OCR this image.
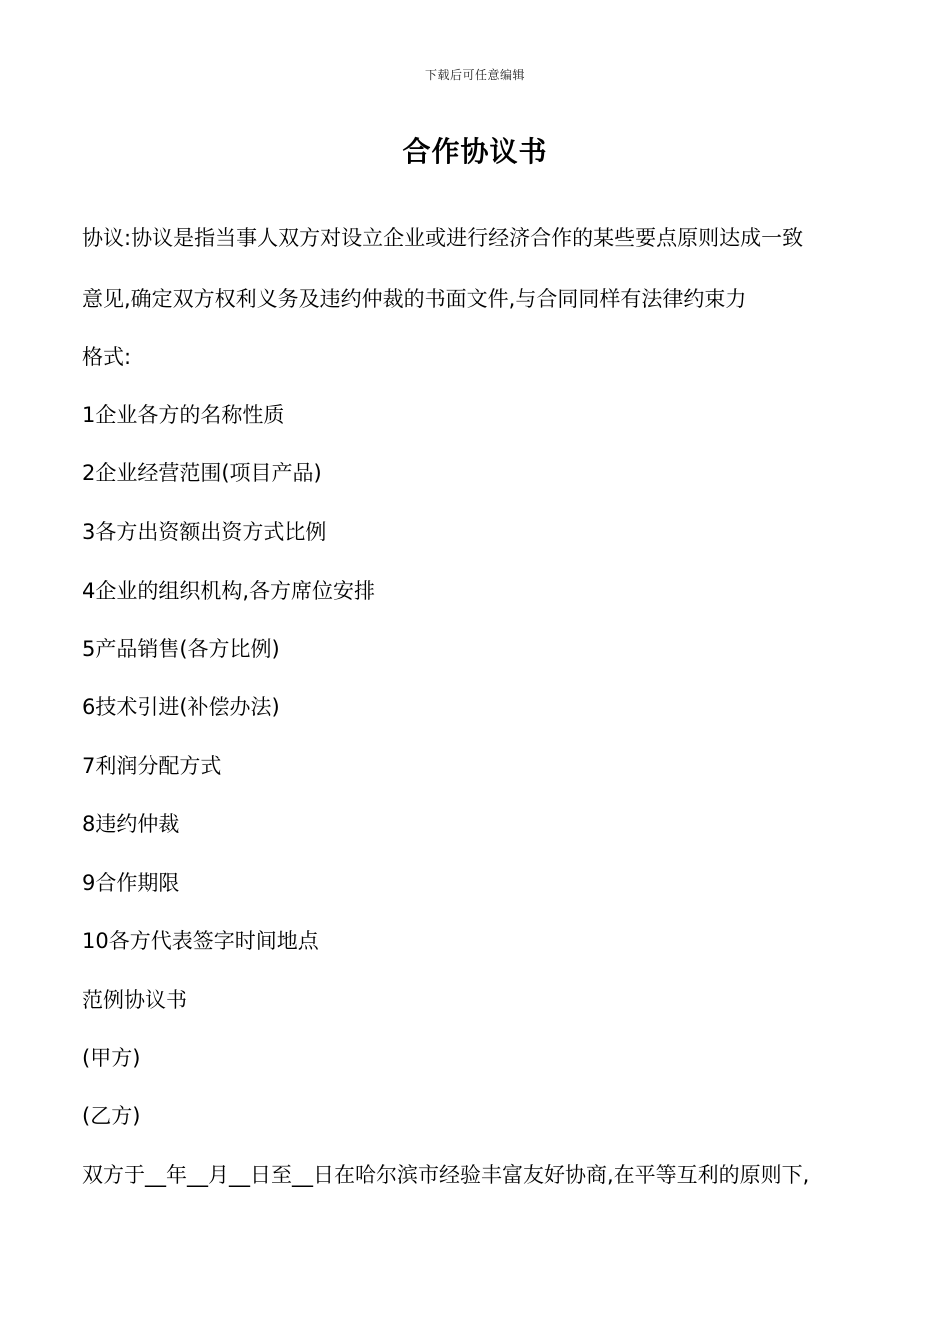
下载后可任意编辑
合作协议书
协议:协议是指当事人双方对设立企业或进行经济合作的某些要点原则达成一致
意见,确定双方权利义务及违约仲裁的书面文件,与合同同样有法律约束力
格式:
1企业各方的名称性质
2企业经营范围(项目产品)
3各方出资额出资方式比例
4企业的组织机构,各方席位安排
5产品销售(各方比例)
6技术引进(补偿办法)
7利润分配方式
8违约仲裁
9合作期限
10各方代表签字时间地点
范例协议书
(甲方)
(乙方)
双方于__年__月__日至__日在哈尔滨市经验丰富友好协商,在平等互利的原则下,
